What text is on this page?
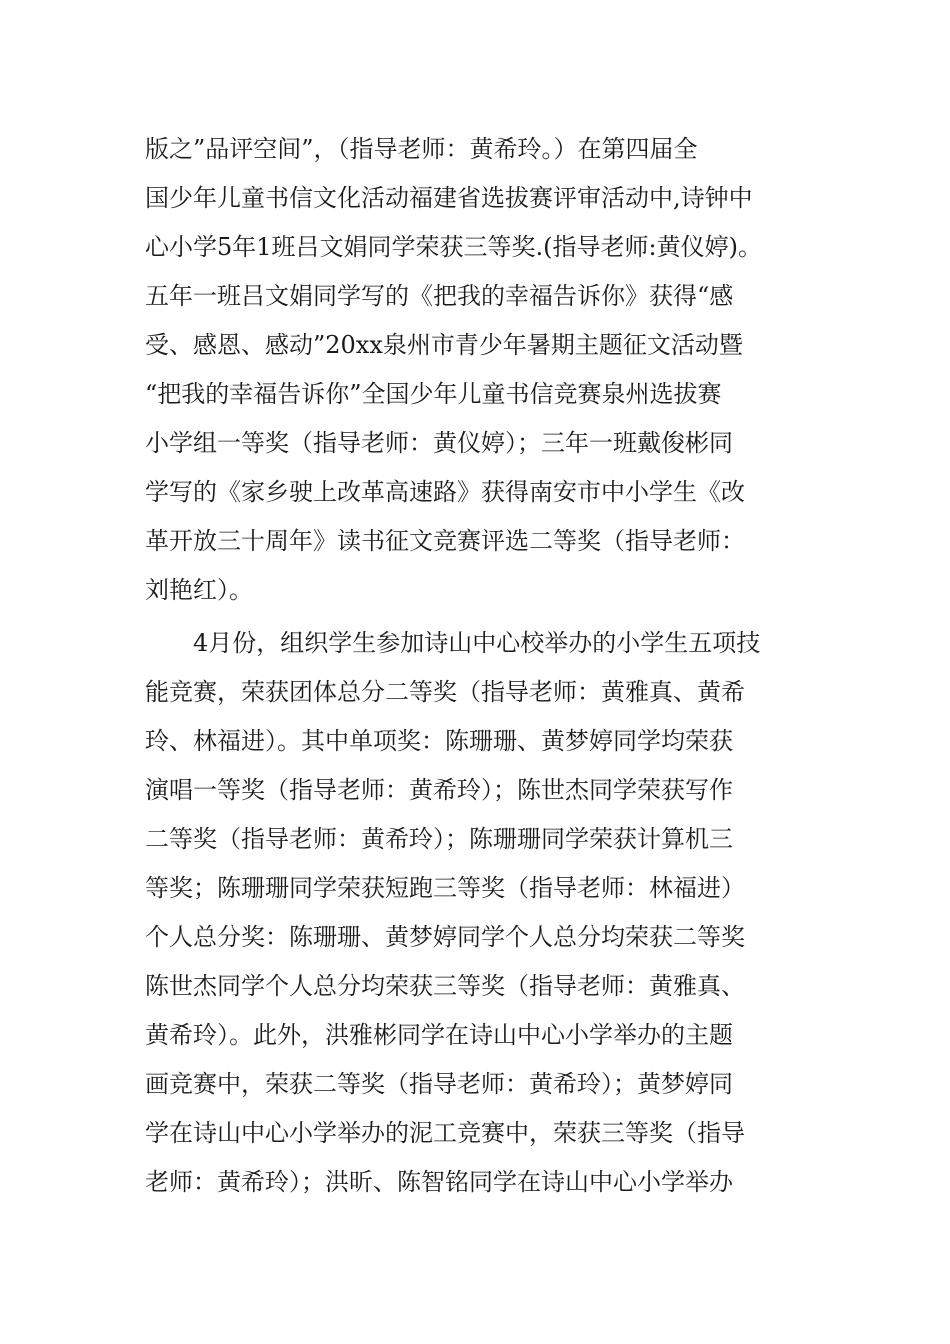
版之”品评空间”，（指导老师：黄希玲。）在第四届全
国少年儿童书信文化活动福建省选拔赛评审活动中,诗钟中
心小学5年1班吕文娟同学荣获三等奖.(指导老师:黄仪婷)。
五年一班吕文娟同学写的《把我的幸福告诉你》获得“感
受、感恩、感动”20xx泉州市青少年暑期主题征文活动暨
“把我的幸福告诉你”全国少年儿童书信竞赛泉州选拔赛
小学组一等奖（指导老师：黄仪婷）；三年一班戴俊彬同
学写的《家乡驶上改革高速路》获得南安市中小学生《改
革开放三十周年》读书征文竞赛评选二等奖（指导老师：
刘艳红）。
　　4月份，组织学生参加诗山中心校举办的小学生五项技
能竞赛，荣获团体总分二等奖（指导老师：黄雅真、黄希
玲、林福进）。其中单项奖：陈珊珊、黄梦婷同学均荣获
演唱一等奖（指导老师：黄希玲）；陈世杰同学荣获写作
二等奖（指导老师：黄希玲）；陈珊珊同学荣获计算机三
等奖；陈珊珊同学荣获短跑三等奖（指导老师：林福进）
个人总分奖：陈珊珊、黄梦婷同学个人总分均荣获二等奖
陈世杰同学个人总分均荣获三等奖（指导老师：黄雅真、
黄希玲）。此外，洪雅彬同学在诗山中心小学举办的主题
画竞赛中，荣获二等奖（指导老师：黄希玲）；黄梦婷同
学在诗山中心小学举办的泥工竞赛中，荣获三等奖（指导
老师：黄希玲）；洪昕、陈智铭同学在诗山中心小学举办
